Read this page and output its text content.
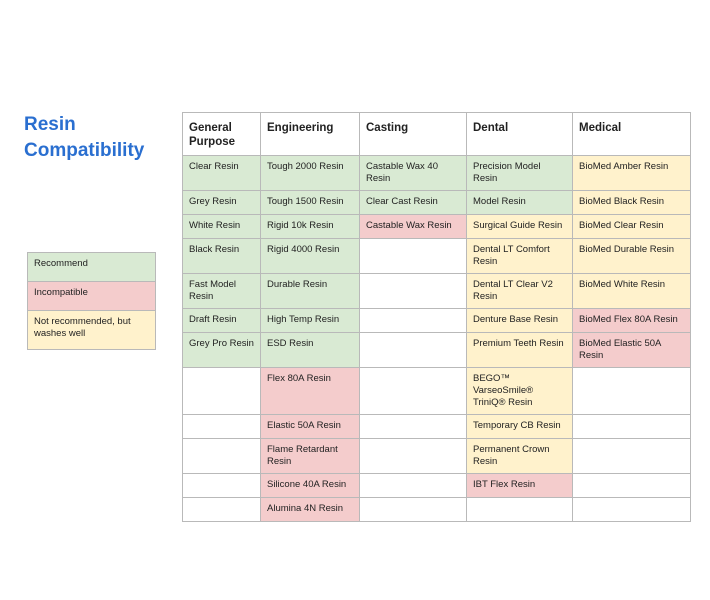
Resin
Compatibility
Recommend
Incompatible
Not recommended, but washes well
General Purpose	Engineering	Casting	Dental	Medical
Clear Resin	Tough 2000 Resin	Castable Wax 40 Resin	Precision Model Resin	BioMed Amber Resin
Grey Resin	Tough 1500 Resin	Clear Cast Resin	Model Resin	BioMed Black Resin
White Resin	Rigid 10k Resin	Castable Wax Resin	Surgical Guide Resin	BioMed Clear Resin
Black Resin	Rigid 4000 Resin		Dental LT Comfort Resin	BioMed Durable Resin
Fast Model Resin	Durable Resin		Dental LT Clear V2 Resin	BioMed White Resin
Draft Resin	High Temp Resin		Denture Base Resin	BioMed Flex 80A Resin
Grey Pro Resin	ESD Resin		Premium Teeth Resin	BioMed Elastic 50A Resin
	Flex 80A Resin		BEGO™ VarseoSmile® TriniQ® Resin	
	Elastic 50A Resin		Temporary CB Resin	
	Flame Retardant Resin		Permanent Crown Resin	
	Silicone 40A Resin		IBT Flex Resin	
	Alumina 4N Resin			
